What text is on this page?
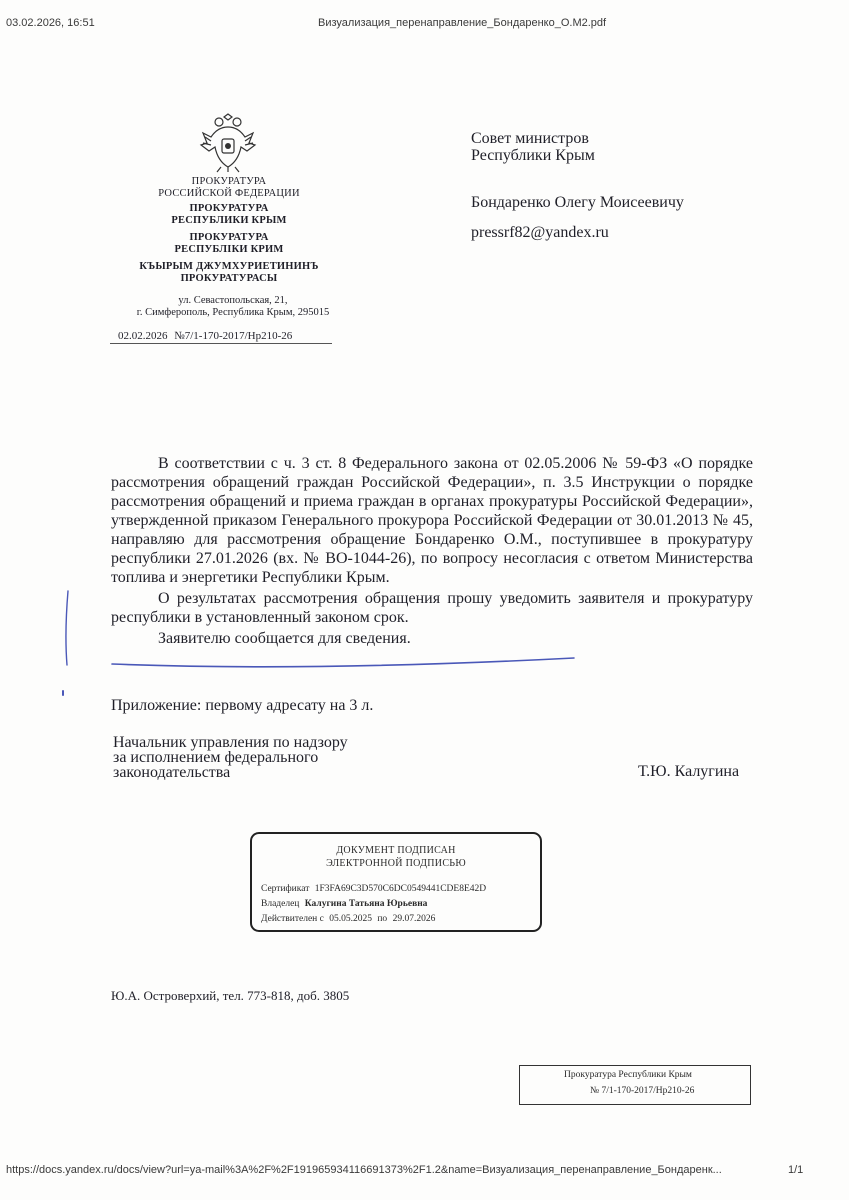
03.02.2026, 16:51	Визуализация_перенаправление_Бондаренко_О.М2.pdf
ПРОКУРАТУРА
РОССИЙСКОЙ ФЕДЕРАЦИИ
ПРОКУРАТУРА
РЕСПУБЛИКИ КРЫМ
ПРОКУРАТУРА
РЕСПУБЛІКИ КРИМ
КЪЫРЫМ ДЖУМХУРИЕТИНИНЪ
ПРОКУРАТУРАСЫ
ул. Севастопольская, 21,
г. Симферополь, Республика Крым, 295015
02.02.2026 №7/1-170-2017/Нр210-26
Совет министров
Республики Крым
Бондаренко Олегу Моисеевичу
pressrf82@yandex.ru

В соответствии с ч. 3 ст. 8 Федерального закона от 02.05.2006 № 59-ФЗ «О порядке рассмотрения обращений граждан Российской Федерации», п. 3.5 Инструкции о порядке рассмотрения обращений и приема граждан в органах прокуратуры Российской Федерации», утвержденной приказом Генерального прокурора Российской Федерации от 30.01.2013 № 45, направляю для рассмотрения обращение Бондаренко О.М., поступившее в прокуратуру республики 27.01.2026 (вх. № ВО-1044-26), по вопросу несогласия с ответом Министерства топлива и энергетики Республики Крым.

О результатах рассмотрения обращения прошу уведомить заявителя и прокуратуру республики в установленный законом срок.

Заявителю сообщается для сведения.

Приложение: первому адресату на 3 л.
Начальник управления по надзору
за исполнением федерального
законодательства	Т.Ю. Калугина
ДОКУМЕНТ ПОДПИСАН
ЭЛЕКТРОННОЙ ПОДПИСЬЮ
Сертификат 1F3FA69C3D570C6DC0549441CDE8E42D
Владелец Калугина Татьяна Юрьевна
Действителен с 05.05.2025 по 29.07.2026
Ю.А. Островерхий, тел. 773-818, доб. 3805
Прокуратура Республики Крым
№ 7/1-170-2017/Нр210-26
https://docs.yandex.ru/docs/view?url=ya-mail%3A%2F%2F191965934116691373%2F1.2&name=Визуализация_перенаправление_Бондаренк...	1/1
